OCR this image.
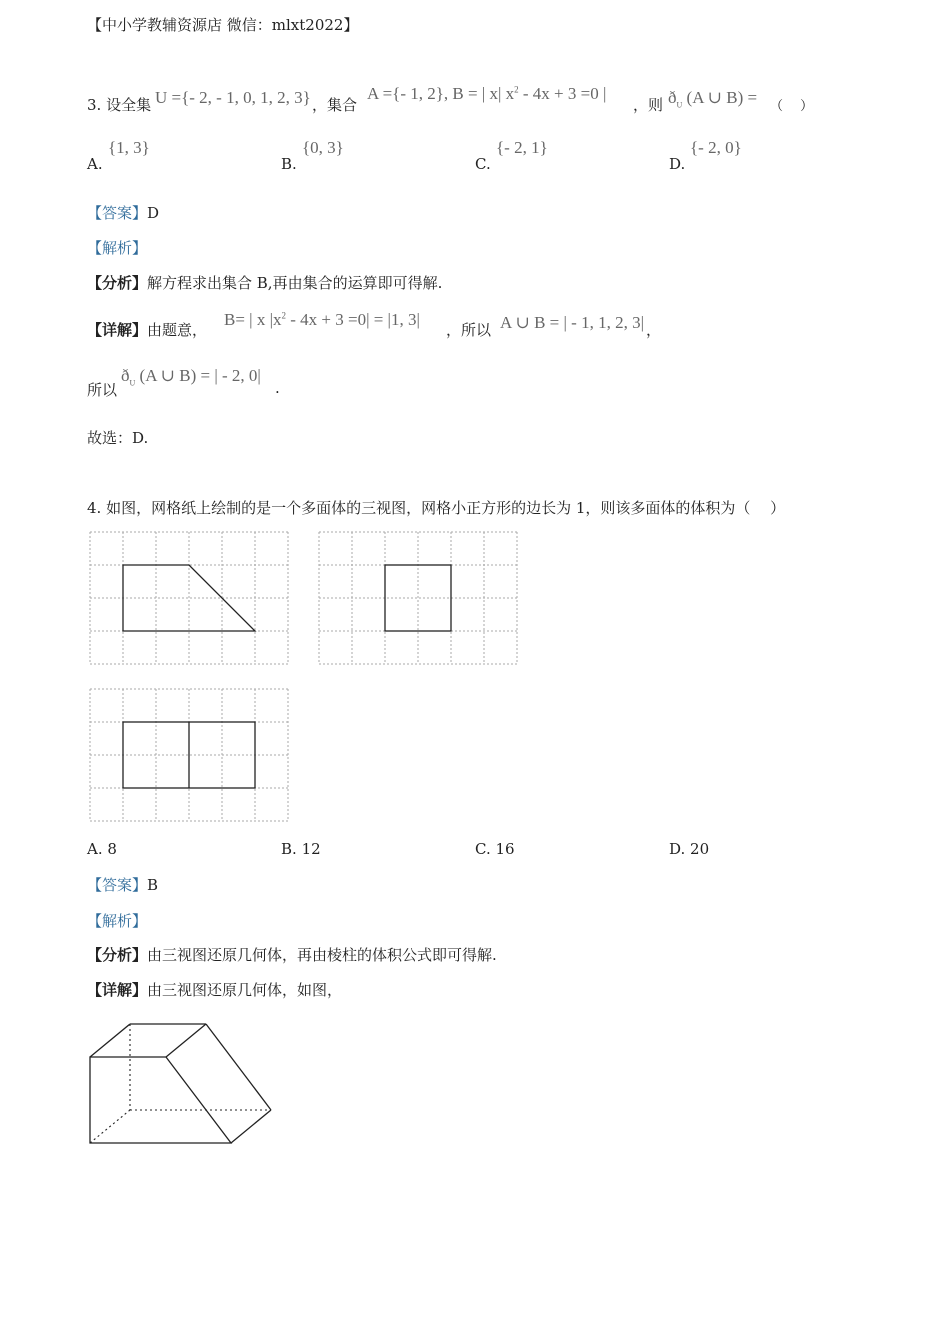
【中小学教辅资源店 微信：mlxt2022】
3. 设全集 U ={- 2, - 1, 0, 1, 2, 3} ，集合
A ={- 1, 2}, B = | x| $x^2 - 4x + 3 =0$ |
，则 $ð_U$ (A ∪ B) = （　 ）
A.
{1, 3}
B.
{0, 3}
C.
{- 2, 1}
D.
{- 2, 0}
【答案】D
【解析】
【分析】解方程求出集合 B,再由集合的运算即可得解.
【详解】由题意，
B= | x $|x^2 - 4x + 3 =0| = |1$, 3|
，所以 A ∪ B = | - 1, 1, 2, 3| ，
所以
$ð_U$ (A ∪ B) = | - 2, 0|
.
故选：D.
4. 如图，网格纸上绘制的是一个多面体的三视图，网格小正方形的边长为 1，则该多面体的体积为（　 ）
A. 8	B. 12	C. 16	D. 20
【答案】B
【解析】
【分析】由三视图还原几何体，再由棱柱的体积公式即可得解.
【详解】由三视图还原几何体，如图，
